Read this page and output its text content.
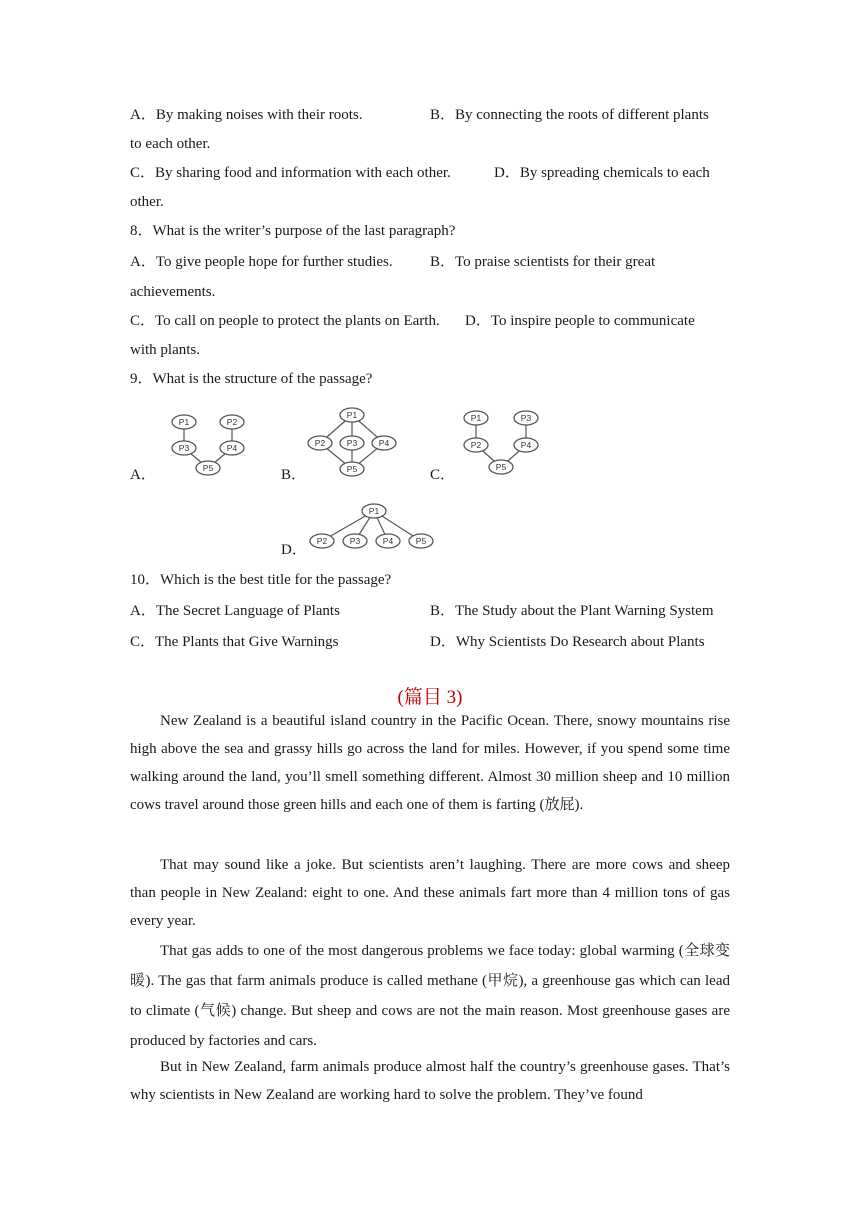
A．By making noises with their roots.	B．By connecting the roots of different plants
to each other.
C．By sharing food and information with each other.	D．By spreading chemicals to each
other.
8．What is the writer’s purpose of the last paragraph?
A．To give people hope for further studies. B．To praise scientists for their great
achievements.
C．To call on people to protect the plants on Earth. D．To inspire people to communicate
with plants.
9．What is the structure of the passage?
A．
P1	P2
P3	P4
P5	B．
P1
P2	P3	P4
P5	C．
P1	P3
P2	P4
P5
D．
P1
P2	P3	P4	P5
10．Which is the best title for the passage?
A．The Secret Language of Plants	B．The Study about the Plant Warning System
C．The Plants that Give Warnings	D．Why Scientists Do Research about Plants
(篇目 3)

New Zealand is a beautiful island country in the Pacific Ocean. There, snowy mountains rise high above the sea and grassy hills go across the land for miles. However, if you spend some time walking around the land, you’ll smell something different. Almost 30 million sheep and 10 million cows travel around those green hills and each one of them is farting (放屁).

That may sound like a joke. But scientists aren’t laughing. There are more cows and sheep than people in New Zealand: eight to one. And these animals fart more than 4 million tons of gas every year.

That gas adds to one of the most dangerous problems we face today: global warming (全球变暖). The gas that farm animals produce is called methane (甲烷), a greenhouse gas which can lead to climate (气候) change. But sheep and cows are not the main reason. Most greenhouse gases are produced by factories and cars.

But in New Zealand, farm animals produce almost half the country’s greenhouse gases. That’s why scientists in New Zealand are working hard to solve the problem. They’ve found
